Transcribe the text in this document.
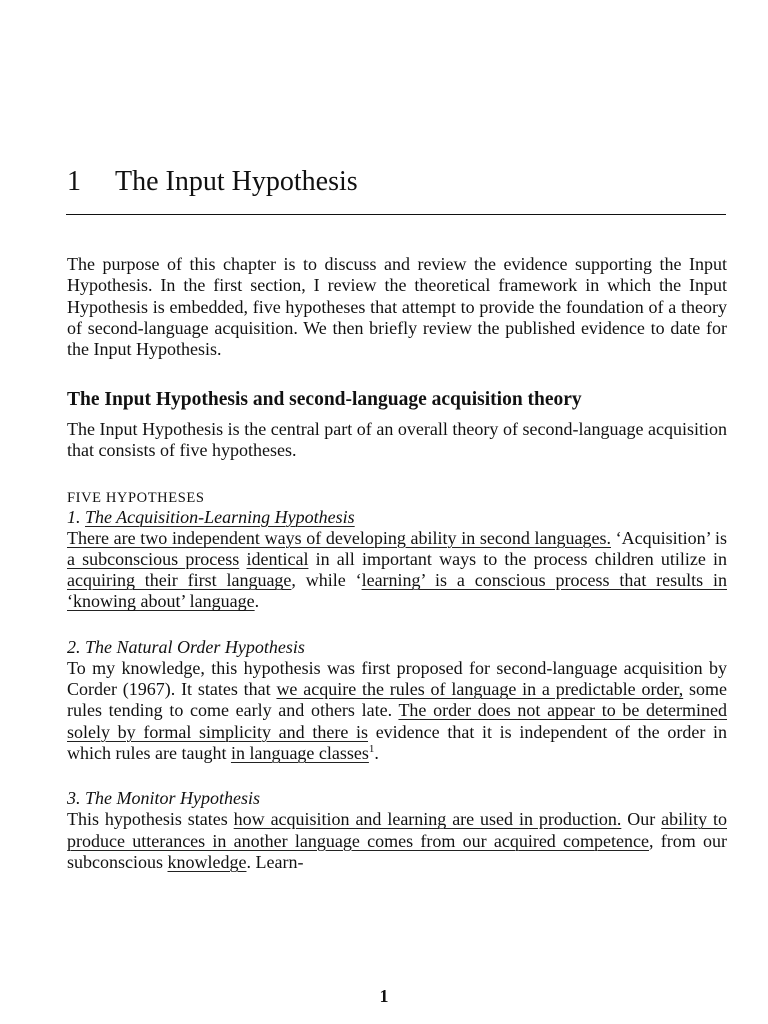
1 The Input Hypothesis

The purpose of this chapter is to discuss and review the evidence supporting the Input Hypothesis. In the first section, I review the theoretical framework in which the Input Hypothesis is embedded, five hypotheses that attempt to provide the foundation of a theory of second-language acquisition. We then briefly review the published evidence to date for the Input Hypothesis.

The Input Hypothesis and second-language acquisition theory

The Input Hypothesis is the central part of an overall theory of second-language acquisition that consists of five hypotheses.

FIVE HYPOTHESES

1. The Acquisition-Learning Hypothesis

There are two independent ways of developing ability in second languages. ‘Acquisition’ is a subconscious process identical in all important ways to the process children utilize in acquiring their first language, while ‘learning’ is a conscious process that results in ‘knowing about’ language.

2. The Natural Order Hypothesis

To my knowledge, this hypothesis was first proposed for second-language acquisition by Corder (1967). It states that we acquire the rules of language in a predictable order, some rules tending to come early and others late. The order does not appear to be determined solely by formal simplicity and there is evidence that it is independent of the order in which rules are taught in language classes$^1$.

3. The Monitor Hypothesis

This hypothesis states how acquisition and learning are used in production. Our ability to produce utterances in another language comes from our acquired competence, from our subconscious knowledge. Learn-

1
